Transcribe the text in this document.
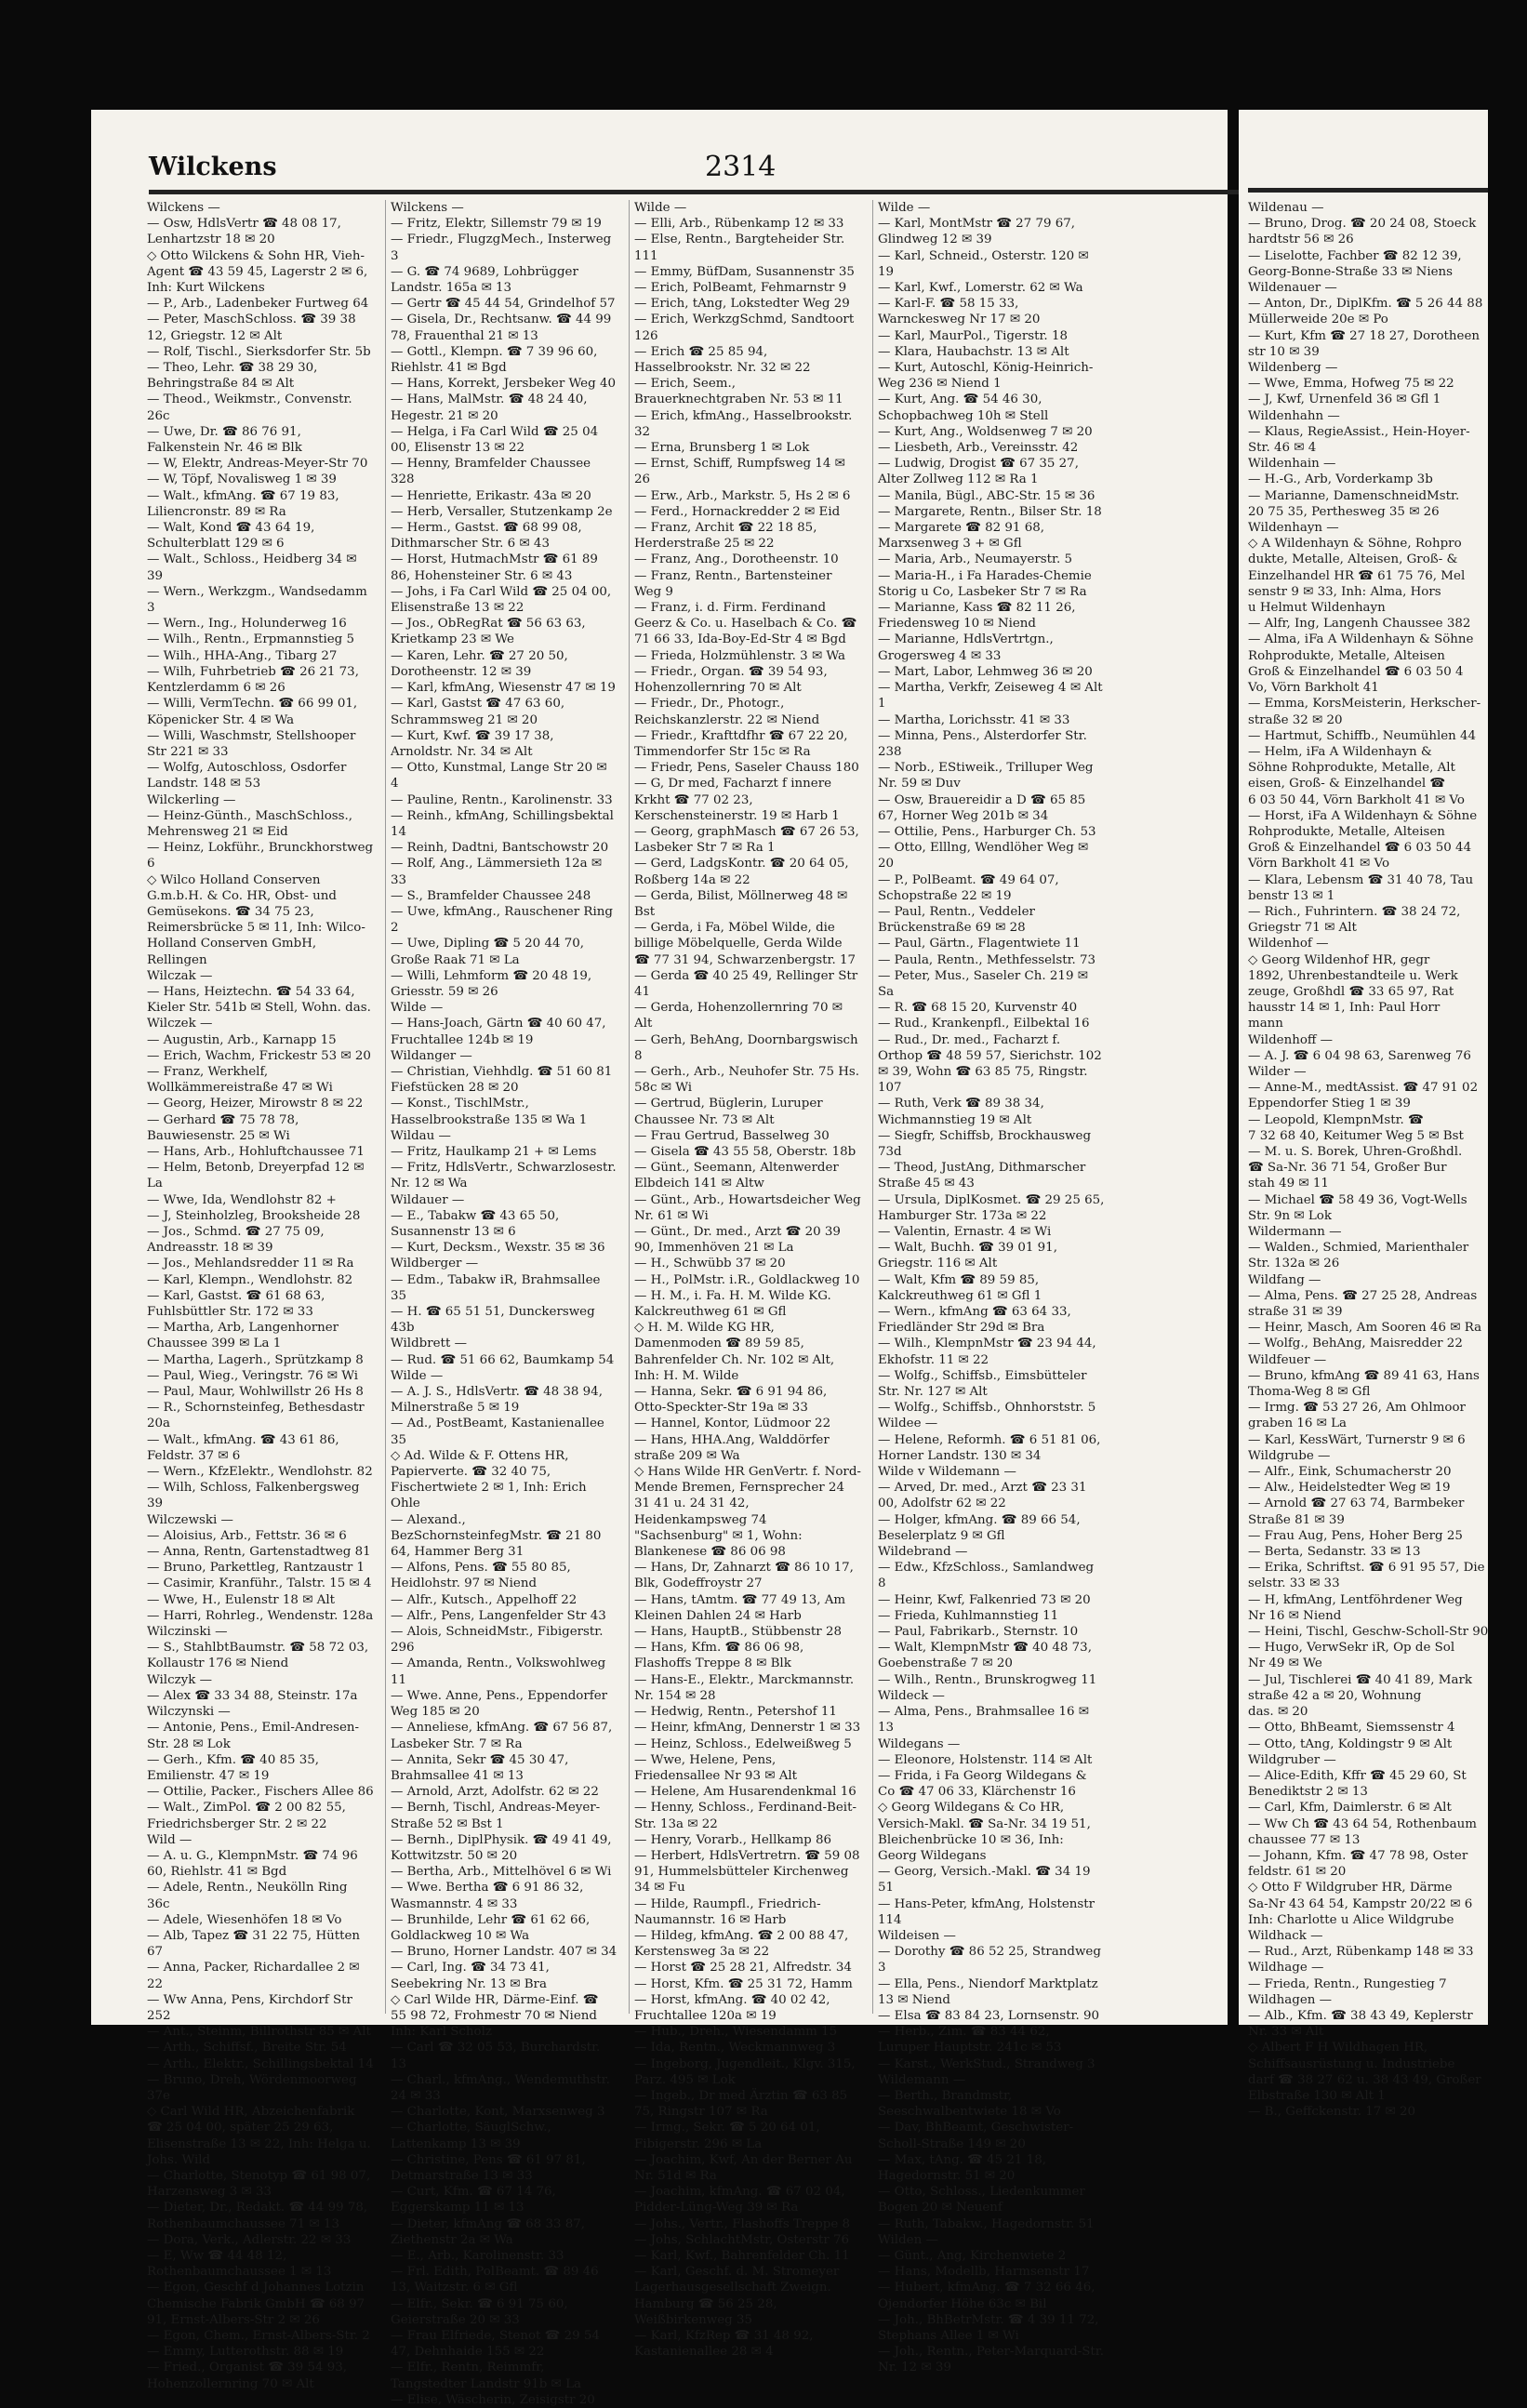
Wilckens	2314
Wilckens —
— Osw, HdlsVertr ☎ 48 08 17, Lenhartzstr 18 ✉ 20
◇ Otto Wilckens & Sohn HR, Vieh-Agent ☎ 43 59 45, Lagerstr 2 ✉ 6, Inh: Kurt Wilckens
— P., Arb., Ladenbeker Furtweg 64
— Peter, MaschSchloss. ☎ 39 38 12, Griegstr. 12 ✉ Alt
— Rolf, Tischl., Sierksdorfer Str. 5b
— Theo, Lehr. ☎ 38 29 30, Behringstraße 84 ✉ Alt
— Theod., Weikmstr., Convenstr. 26c
— Uwe, Dr. ☎ 86 76 91, Falkenstein Nr. 46 ✉ Blk
— W, Elektr, Andreas-Meyer-Str 70
— W, Töpf, Novalisweg 1 ✉ 39
— Walt., kfmAng. ☎ 67 19 83, Liliencronstr. 89 ✉ Ra
— Walt, Kond ☎ 43 64 19, Schulterblatt 129 ✉ 6
— Walt., Schloss., Heidberg 34 ✉ 39
— Wern., Werkzgm., Wandsedamm 3
— Wern., Ing., Holunderweg 16
— Wilh., Rentn., Erpmannstieg 5
— Wilh., HHA-Ang., Tibarg 27
— Wilh, Fuhrbetrieb ☎ 26 21 73, Kentzlerdamm 6 ✉ 26
— Willi, VermTechn. ☎ 66 99 01, Köpenicker Str. 4 ✉ Wa
— Willi, Waschmstr, Stellshooper Str 221 ✉ 33
— Wolfg, Autoschloss, Osdorfer Landstr. 148 ✉ 53
Wilckerling —
— Heinz-Günth., MaschSchloss., Mehrensweg 21 ✉ Eid
— Heinz, Lokführ., Brunckhorstweg 6
◇ Wilco Holland Conserven G.m.b.H. & Co. HR, Obst- und Gemüsekons. ☎ 34 75 23, Reimersbrücke 5 ✉ 11, Inh: Wilco-Holland Conserven GmbH, Rellingen
Wilczak —
— Hans, Heiztechn. ☎ 54 33 64, Kieler Str. 541b ✉ Stell, Wohn. das.
Wilczek —
— Augustin, Arb., Karnapp 15
— Erich, Wachm, Frickestr 53 ✉ 20
— Franz, Werkhelf, Wollkämmereistraße 47 ✉ Wi
— Georg, Heizer, Mirowstr 8 ✉ 22
— Gerhard ☎ 75 78 78, Bauwiesenstr. 25 ✉ Wi
— Hans, Arb., Hohluftchaussee 71
— Helm, Betonb, Dreyerpfad 12 ✉ La
— Wwe, Ida, Wendlohstr 82 +
— J, Steinholzleg, Brooksheide 28
— Jos., Schmd. ☎ 27 75 09, Andreasstr. 18 ✉ 39
— Jos., Mehlandsredder 11 ✉ Ra
— Karl, Klempn., Wendlohstr. 82
— Karl, Gastst. ☎ 61 68 63, Fuhlsbüttler Str. 172 ✉ 33
— Martha, Arb, Langenhorner Chaussee 399 ✉ La 1
— Martha, Lagerh., Sprützkamp 8
— Paul, Wieg., Veringstr. 76 ✉ Wi
— Paul, Maur, Wohlwillstr 26 Hs 8
— R., Schornsteinfeg, Bethesdastr 20a
— Walt., kfmAng. ☎ 43 61 86, Feldstr. 37 ✉ 6
— Wern., KfzElektr., Wendlohstr. 82
— Wilh, Schloss, Falkenbergsweg 39
Wilczewski —
— Aloisius, Arb., Fettstr. 36 ✉ 6
— Anna, Rentn, Gartenstadtweg 81
— Bruno, Parkettleg, Rantzaustr 1
— Casimir, Kranführ., Talstr. 15 ✉ 4
— Wwe, H., Eulenstr 18 ✉ Alt
— Harri, Rohrleg., Wendenstr. 128a
Wilczinski —
— S., StahlbtBaumstr. ☎ 58 72 03, Kollaustr 176 ✉ Niend
Wilczyk —
— Alex ☎ 33 34 88, Steinstr. 17a
Wilczynski —
— Antonie, Pens., Emil-Andresen-Str. 28 ✉ Lok
— Gerh., Kfm. ☎ 40 85 35, Emilienstr. 47 ✉ 19
— Ottilie, Packer., Fischers Allee 86
— Walt., ZimPol. ☎ 2 00 82 55, Friedrichsberger Str. 2 ✉ 22
Wild —
— A. u. G., KlempnMstr. ☎ 74 96 60, Riehlstr. 41 ✉ Bgd
— Adele, Rentn., Neukölln Ring 36c
— Adele, Wiesenhöfen 18 ✉ Vo
— Alb, Tapez ☎ 31 22 75, Hütten 67
— Anna, Packer, Richardallee 2 ✉ 22
— Ww Anna, Pens, Kirchdorf Str 252
— Ant., Steinm, Billrothstr 85 ✉ Alt
— Arth., Schiffsf., Breite Str. 54
— Arth., Elektr., Schillingsbektal 14
— Bruno, Dreh, Wördenmoorweg 37e
◇ Carl Wild HR, Abzeichenfabrik ☎ 25 04 00, später 25 29 63, Elisenstraße 13 ✉ 22, Inh: Helga u. Johs. Wild
— Charlotte, Stenotyp ☎ 61 98 07, Harzensweg 3 ✉ 33
— Dieter, Dr., Redakt. ☎ 44 99 78, Rothenbaumchaussee 71 ✉ 13
— Dora, Verk., Adlerstr. 22 ✉ 33
— E, Ww ☎ 44 48 12, Rothenbaumchaussee 1 ✉ 13
— Egon, Geschf d Johannes Lotzin Chemische Fabrik GmbH ☎ 68 97 91, Ernst-Albers-Str 2 ✉ 26
— Egon, Chem., Ernst-Albers-Str. 2
— Emmy, Lutterothstr. 88 ✉ 19
— Fried., Organist ☎ 39 54 93, Hohenzollernring 70 ✉ Alt
Wilckens —
— Fritz, Elektr, Sillemstr 79 ✉ 19
— Friedr., FlugzgMech., Insterweg 3
— G. ☎ 74 9689, Lohbrügger Landstr. 165a ✉ 13
— Gertr ☎ 45 44 54, Grindelhof 57
— Gisela, Dr., Rechtsanw. ☎ 44 99 78, Frauenthal 21 ✉ 13
— Gottl., Klempn. ☎ 7 39 96 60, Riehlstr. 41 ✉ Bgd
— Hans, Korrekt, Jersbeker Weg 40
— Hans, MalMstr. ☎ 48 24 40, Hegestr. 21 ✉ 20
— Helga, i Fa Carl Wild ☎ 25 04 00, Elisenstr 13 ✉ 22
— Henny, Bramfelder Chaussee 328
— Henriette, Erikastr. 43a ✉ 20
— Herb, Versaller, Stutzenkamp 2e
— Herm., Gastst. ☎ 68 99 08, Dithmarscher Str. 6 ✉ 43
— Horst, HutmachMstr ☎ 61 89 86, Hohensteiner Str. 6 ✉ 43
— Johs, i Fa Carl Wild ☎ 25 04 00, Elisenstraße 13 ✉ 22
— Jos., ObRegRat ☎ 56 63 63, Krietkamp 23 ✉ We
— Karen, Lehr. ☎ 27 20 50, Dorotheenstr. 12 ✉ 39
— Karl, kfmAng, Wiesenstr 47 ✉ 19
— Karl, Gastst ☎ 47 63 60, Schrammsweg 21 ✉ 20
— Kurt, Kwf. ☎ 39 17 38, Arnoldstr. Nr. 34 ✉ Alt
— Otto, Kunstmal, Lange Str 20 ✉ 4
— Pauline, Rentn., Karolinenstr. 33
— Reinh., kfmAng, Schillingsbektal 14
— Reinh, Dadtni, Bantschowstr 20
— Rolf, Ang., Lämmersieth 12a ✉ 33
— S., Bramfelder Chaussee 248
— Uwe, kfmAng., Rauschener Ring 2
— Uwe, Dipling ☎ 5 20 44 70, Große Raak 71 ✉ La
— Willi, Lehmform ☎ 20 48 19, Griesstr. 59 ✉ 26
Wilde —
— Hans-Joach, Gärtn ☎ 40 60 47, Fruchtallee 124b ✉ 19
Wildanger —
— Christian, Viehhdlg. ☎ 51 60 81 Fiefstücken 28 ✉ 20
— Konst., TischlMstr., Hasselbrookstraße 135 ✉ Wa 1
Wildau —
— Fritz, Haulkamp 21 + ✉ Lems
— Fritz, HdlsVertr., Schwarzlosestr. Nr. 12 ✉ Wa
Wildauer —
— E., Tabakw ☎ 43 65 50, Susannenstr 13 ✉ 6
— Kurt, Decksm., Wexstr. 35 ✉ 36
Wildberger —
— Edm., Tabakw iR, Brahmsallee 35
— H. ☎ 65 51 51, Dunckersweg 43b
Wildbrett —
— Rud. ☎ 51 66 62, Baumkamp 54
Wilde —
— A. J. S., HdlsVertr. ☎ 48 38 94, Milnerstraße 5 ✉ 19
— Ad., PostBeamt, Kastanienallee 35
◇ Ad. Wilde & F. Ottens HR, Papierverte. ☎ 32 40 75, Fischertwiete 2 ✉ 1, Inh: Erich Ohle
— Alexand., BezSchornsteinfegMstr. ☎ 21 80 64, Hammer Berg 31
— Alfons, Pens. ☎ 55 80 85, Heidlohstr. 97 ✉ Niend
— Alfr., Kutsch., Appelhoff 22
— Alfr., Pens, Langenfelder Str 43
— Alois, SchneidMstr., Fibigerstr. 296
— Amanda, Rentn., Volkswohlweg 11
— Wwe. Anne, Pens., Eppendorfer Weg 185 ✉ 20
— Anneliese, kfmAng. ☎ 67 56 87, Lasbeker Str. 7 ✉ Ra
— Annita, Sekr ☎ 45 30 47, Brahmsallee 41 ✉ 13
— Arnold, Arzt, Adolfstr. 62 ✉ 22
— Bernh, Tischl, Andreas-Meyer-Straße 52 ✉ Bst 1
— Bernh., DiplPhysik. ☎ 49 41 49, Kottwitzstr. 50 ✉ 20
— Bertha, Arb., Mittelhövel 6 ✉ Wi
— Wwe. Bertha ☎ 6 91 86 32, Wasmannstr. 4 ✉ 33
— Brunhilde, Lehr ☎ 61 62 66, Goldlackweg 10 ✉ Wa
— Bruno, Horner Landstr. 407 ✉ 34
— Carl, Ing. ☎ 34 73 41, Seebekring Nr. 13 ✉ Bra
◇ Carl Wilde HR, Därme-Einf. ☎ 55 98 72, Frohmestr 70 ✉ Niend Inh: Karl Scholz
— Carl ☎ 32 05 53, Burchardstr. 13
— Charl., kfmAng., Wendemuthstr. 24 ✉ 33
— Charlotte, Kont, Marxsenweg 3
— Charlotte, SäuglSchw., Lattenkamp 13 ✉ 39
— Christine, Pens ☎ 61 97 81, Detmarstraße 13 ✉ 33
— Curt, Kfm. ☎ 67 14 76, Eggerskamp 11 ✉ 13
— Dieter, kfmAng ☎ 68 33 87, Ziethenstr 2a ✉ Wa
— E., Arb., Karolinenstr. 33
— Frl. Edith, PolBeamt. ☎ 89 46 13, Waitzstr. 6 ✉ Gfl
— Elfr., Sekr. ☎ 6 91 75 60, Geierstraße 20 ✉ 33
— Frau Elfriede, Stenot ☎ 29 54 47, Dehnhaide 155 ✉ 22
— Elfr., Rentn, Reimmfr, Tangstedter Landstr 91b ✉ La
— Elise, Wäscherin, Zeisigstr 20
Wilde —
— Elli, Arb., Rübenkamp 12 ✉ 33
— Else, Rentn., Bargteheider Str. 111
— Emmy, BüfDam, Susannenstr 35
— Erich, PolBeamt, Fehmarnstr 9
— Erich, tAng, Lokstedter Weg 29
— Erich, WerkzgSchmd, Sandtoort 126
— Erich ☎ 25 85 94, Hasselbrookstr. Nr. 32 ✉ 22
— Erich, Seem., Brauerknechtgraben Nr. 53 ✉ 11
— Erich, kfmAng., Hasselbrookstr. 32
— Erna, Brunsberg 1 ✉ Lok
— Ernst, Schiff, Rumpfsweg 14 ✉ 26
— Erw., Arb., Markstr. 5, Hs 2 ✉ 6
— Ferd., Hornackredder 2 ✉ Eid
— Franz, Archit ☎ 22 18 85, Herderstraße 25 ✉ 22
— Franz, Ang., Dorotheenstr. 10
— Franz, Rentn., Bartensteiner Weg 9
— Franz, i. d. Firm. Ferdinand Geerz & Co. u. Haselbach & Co. ☎ 71 66 33, Ida-Boy-Ed-Str 4 ✉ Bgd
— Frieda, Holzmühlenstr. 3 ✉ Wa
— Friedr., Organ. ☎ 39 54 93, Hohenzollernring 70 ✉ Alt
— Friedr., Dr., Photogr., Reichskanzlerstr. 22 ✉ Niend
— Friedr., Krafttdfhr ☎ 67 22 20, Timmendorfer Str 15c ✉ Ra
— Friedr, Pens, Saseler Chauss 180
— G, Dr med, Facharzt f innere Krkht ☎ 77 02 23, Kerschensteinerstr. 19 ✉ Harb 1
— Georg, graphMasch ☎ 67 26 53, Lasbeker Str 7 ✉ Ra 1
— Gerd, LadgsKontr. ☎ 20 64 05, Roßberg 14a ✉ 22
— Gerda, Bilist, Möllnerweg 48 ✉ Bst
— Gerda, i Fa, Möbel Wilde, die billige Möbelquelle, Gerda Wilde ☎ 77 31 94, Schwarzenbergstr. 17
— Gerda ☎ 40 25 49, Rellinger Str 41
— Gerda, Hohenzollernring 70 ✉ Alt
— Gerh, BehAng, Doornbargswisch 8
— Gerh., Arb., Neuhofer Str. 75 Hs. 58c ✉ Wi
— Gertrud, Büglerin, Luruper Chaussee Nr. 73 ✉ Alt
— Frau Gertrud, Basselweg 30
— Gisela ☎ 43 55 58, Oberstr. 18b
— Günt., Seemann, Altenwerder Elbdeich 141 ✉ Altw
— Günt., Arb., Howartsdeicher Weg Nr. 61 ✉ Wi
— Günt., Dr. med., Arzt ☎ 20 39 90, Immenhöven 21 ✉ La
— H., Schwübb 37 ✉ 20
— H., PolMstr. i.R., Goldlackweg 10
— H. M., i. Fa. H. M. Wilde KG. Kalckreuthweg 61 ✉ Gfl
◇ H. M. Wilde KG HR, Damenmoden ☎ 89 59 85, Bahrenfelder Ch. Nr. 102 ✉ Alt, Inh: H. M. Wilde
— Hanna, Sekr. ☎ 6 91 94 86, Otto-Speckter-Str 19a ✉ 33
— Hannel, Kontor, Lüdmoor 22
— Hans, HHA.Ang, Walddörfer straße 209 ✉ Wa
◇ Hans Wilde HR GenVertr. f. Nord-Mende Bremen, Fernsprecher 24 31 41 u. 24 31 42, Heidenkampsweg 74 "Sachsenburg" ✉ 1, Wohn: Blankenese ☎ 86 06 98
— Hans, Dr, Zahnarzt ☎ 86 10 17, Blk, Godeffroystr 27
— Hans, tAmtm. ☎ 77 49 13, Am Kleinen Dahlen 24 ✉ Harb
— Hans, HauptB., Stübbenstr 28
— Hans, Kfm. ☎ 86 06 98, Flashoffs Treppe 8 ✉ Blk
— Hans-E., Elektr., Marckmannstr. Nr. 154 ✉ 28
— Hedwig, Rentn., Petershof 11
— Heinr, kfmAng, Dennerstr 1 ✉ 33
— Heinz, Schloss., Edelweißweg 5
— Wwe, Helene, Pens, Friedensallee Nr 93 ✉ Alt
— Helene, Am Husarendenkmal 16
— Henny, Schloss., Ferdinand-Beit-Str. 13a ✉ 22
— Henry, Vorarb., Hellkamp 86
— Herbert, HdlsVertretrn. ☎ 59 08 91, Hummelsbütteler Kirchenweg 34 ✉ Fu
— Hilde, Raumpfl., Friedrich-Naumannstr. 16 ✉ Harb
— Hildeg, kfmAng. ☎ 2 00 88 47, Kerstensweg 3a ✉ 22
— Horst ☎ 25 28 21, Alfredstr. 34
— Horst, Kfm. ☎ 25 31 72, Hamm
— Horst, kfmAng. ☎ 40 02 42, Fruchtallee 120a ✉ 19
— Hub., Dreh., Wiesendamm 15
— Ida, Rentn., Weckmannweg 3
— Ingeborg, Jugendleit., Klgv. 315, Parz. 495 ✉ Lok
— Ingeb., Dr med Ärztin ☎ 63 85 75, Ringstr 107 ✉ Ra
— Irmg., Sekr. ☎ 5 20 64 01, Fibigerstr. 296 ✉ La
— Joachim, Kwf, An der Berner Au Nr. 51d ✉ Ra
— Joachim, kfmAng. ☎ 67 02 04, Pidder-Lüng-Weg 39 ✉ Ra
— Johs., Vertr., Flashoffs Treppe 8
— Johs, SchlachtMstr, Osterstr 76
— Karl, Kwf., Bahrenfelder Ch. 11
— Karl, Geschf. d. M. Stromeyer Lagerhausgesellschaft Zweign. Hamburg ☎ 56 25 28, Weißbirkenweg 35
— Karl, KfzRep ☎ 31 48 92, Kastanienallee 28 ✉ 4
Wilde —
— Karl, MontMstr ☎ 27 79 67, Glindweg 12 ✉ 39
— Karl, Schneid., Osterstr. 120 ✉ 19
— Karl, Kwf., Lomerstr. 62 ✉ Wa
— Karl-F. ☎ 58 15 33, Warnckesweg Nr 17 ✉ 20
— Karl, MaurPol., Tigerstr. 18
— Klara, Haubachstr. 13 ✉ Alt
— Kurt, Autoschl, König-Heinrich-Weg 236 ✉ Niend 1
— Kurt, Ang. ☎ 54 46 30, Schopbachweg 10h ✉ Stell
— Kurt, Ang., Woldsenweg 7 ✉ 20
— Liesbeth, Arb., Vereinsstr. 42
— Ludwig, Drogist ☎ 67 35 27, Alter Zollweg 112 ✉ Ra 1
— Manila, Bügl., ABC-Str. 15 ✉ 36
— Margarete, Rentn., Bilser Str. 18
— Margarete ☎ 82 91 68, Marxsenweg 3 + ✉ Gfl
— Maria, Arb., Neumayerstr. 5
— Maria-H., i Fa Harades-Chemie Storig u Co, Lasbeker Str 7 ✉ Ra
— Marianne, Kass ☎ 82 11 26, Friedensweg 10 ✉ Niend
— Marianne, HdlsVertrtgn., Grogersweg 4 ✉ 33
— Mart, Labor, Lehmweg 36 ✉ 20
— Martha, Verkfr, Zeiseweg 4 ✉ Alt 1
— Martha, Lorichsstr. 41 ✉ 33
— Minna, Pens., Alsterdorfer Str. 238
— Norb., EStiweik., Trilluper Weg Nr. 59 ✉ Duv
— Osw, Brauereidir a D ☎ 65 85 67, Horner Weg 201b ✉ 34
— Ottilie, Pens., Harburger Ch. 53
— Otto, Elllng, Wendlöher Weg ✉ 20
— P., PolBeamt. ☎ 49 64 07, Schopstraße 22 ✉ 19
— Paul, Rentn., Veddeler Brückenstraße 69 ✉ 28
— Paul, Gärtn., Flagentwiete 11
— Paula, Rentn., Methfesselstr. 73
— Peter, Mus., Saseler Ch. 219 ✉ Sa
— R. ☎ 68 15 20, Kurvenstr 40
— Rud., Krankenpfl., Eilbektal 16
— Rud., Dr. med., Facharzt f. Orthop ☎ 48 59 57, Sierichstr. 102 ✉ 39, Wohn ☎ 63 85 75, Ringstr. 107
— Ruth, Verk ☎ 89 38 34, Wichmannstieg 19 ✉ Alt
— Siegfr, Schiffsb, Brockhausweg 73d
— Theod, JustAng, Dithmarscher Straße 45 ✉ 43
— Ursula, DiplKosmet. ☎ 29 25 65, Hamburger Str. 173a ✉ 22
— Valentin, Ernastr. 4 ✉ Wi
— Walt, Buchh. ☎ 39 01 91, Griegstr. 116 ✉ Alt
— Walt, Kfm ☎ 89 59 85, Kalckreuthweg 61 ✉ Gfl 1
— Wern., kfmAng ☎ 63 64 33, Friedländer Str 29d ✉ Bra
— Wilh., KlempnMstr ☎ 23 94 44, Ekhofstr. 11 ✉ 22
— Wolfg., Schiffsb., Eimsbütteler Str. Nr. 127 ✉ Alt
— Wolfg., Schiffsb., Ohnhorststr. 5
Wildee —
— Helene, Reformh. ☎ 6 51 81 06, Horner Landstr. 130 ✉ 34
Wilde v Wildemann —
— Arved, Dr. med., Arzt ☎ 23 31 00, Adolfstr 62 ✉ 22
— Holger, kfmAng. ☎ 89 66 54, Beselerplatz 9 ✉ Gfl
Wildebrand —
— Edw., KfzSchloss., Samlandweg 8
— Heinr, Kwf, Falkenried 73 ✉ 20
— Frieda, Kuhlmannstieg 11
— Paul, Fabrikarb., Sternstr. 10
— Walt, KlempnMstr ☎ 40 48 73, Goebenstraße 7 ✉ 20
— Wilh., Rentn., Brunskrogweg 11
Wildeck —
— Alma, Pens., Brahmsallee 16 ✉ 13
Wildegans —
— Eleonore, Holstenstr. 114 ✉ Alt
— Frida, i Fa Georg Wildegans & Co ☎ 47 06 33, Klärchenstr 16
◇ Georg Wildegans & Co HR, Versich-Makl. ☎ Sa-Nr. 34 19 51, Bleichenbrücke 10 ✉ 36, Inh: Georg Wildegans
— Georg, Versich.-Makl. ☎ 34 19 51
— Hans-Peter, kfmAng, Holstenstr 114
Wildeisen —
— Dorothy ☎ 86 52 25, Strandweg 3
— Ella, Pens., Niendorf Marktplatz 13 ✉ Niend
— Elsa ☎ 83 84 23, Lornsenstr. 90
— Herb., Zim. ☎ 83 44 62, Luruper Hauptstr. 241c ✉ 53
— Karst., WerkStud., Strandweg 3
Wildemann —
— Berth., Brandmstr, Seeschwalbentwiete 18 ✉ Vo
— Dav, BhBeamt, Geschwister-Scholl-Straße 149 ✉ 20
— Max, tAng. ☎ 45 21 18, Hagedornstr. 51 ✉ 20
— Otto, Schloss., Liedenkummer Bogen 20 ✉ Neuenf
— Ruth, Tabakw., Hagedornstr. 51
Wilden —
— Günt., Ang, Kirchenwiete 2
— Hans, Modellb, Harmsenstr 17
— Hubert, kfmAng. ☎ 7 32 66 46, Ojendorfer Höhe 63c ✉ Bil
— Joh., BhBetrMstr. ☎ 4 39 11 72, Stephans Allee 1 ✉ Wi
— Joh., Rentn., Peter-Marquard-Str. Nr. 12 ✉ 39
Wildenau —
— Bruno, Drog. ☎ 20 24 08, Stoeck
hardtstr 56 ✉ 26
— Liselotte, Fachber ☎ 82 12 39,
Georg-Bonne-Straße 33 ✉ Niens
Wildenauer —
— Anton, Dr., DiplKfm. ☎ 5 26 44 88
Müllerweide 20e ✉ Po
— Kurt, Kfm ☎ 27 18 27, Dorotheen
str 10 ✉ 39
Wildenberg —
— Wwe, Emma, Hofweg 75 ✉ 22
— J, Kwf, Urnenfeld 36 ✉ Gfl 1
Wildenhahn —
— Klaus, RegieAssist., Hein-Hoyer-
Str. 46 ✉ 4
Wildenhain —
— H.-G., Arb, Vorderkamp 3b
— Marianne, DamenschneidMstr.
20 75 35, Perthesweg 35 ✉ 26
Wildenhayn —
◇ A Wildenhayn & Söhne, Rohpro
dukte, Metalle, Alteisen, Groß- &
Einzelhandel HR ☎ 61 75 76, Mel
senstr 9 ✉ 33, Inh: Alma, Hors
u Helmut Wildenhayn
— Alfr, Ing, Langenh Chaussee 382
— Alma, iFa A Wildenhayn & Söhne
Rohprodukte, Metalle, Alteisen
Groß & Einzelhandel ☎ 6 03 50 4
Vo, Vörn Barkholt 41
— Emma, KorsMeisterin, Herkscher-
straße 32 ✉ 20
— Hartmut, Schiffb., Neumühlen 44
— Helm, iFa A Wildenhayn &
Söhne Rohprodukte, Metalle, Alt
eisen, Groß- & Einzelhandel ☎
6 03 50 44, Vörn Barkholt 41 ✉ Vo
— Horst, iFa A Wildenhayn & Söhne
Rohprodukte, Metalle, Alteisen
Groß & Einzelhandel ☎ 6 03 50 44
Vörn Barkholt 41 ✉ Vo
— Klara, Lebensm ☎ 31 40 78, Tau
benstr 13 ✉ 1
— Rich., Fuhrintern. ☎ 38 24 72,
Griegstr 71 ✉ Alt
Wildenhof —
◇ Georg Wildenhof HR, gegr
1892, Uhrenbestandteile u. Werk
zeuge, Großhdl ☎ 33 65 97, Rat
hausstr 14 ✉ 1, Inh: Paul Horr
mann
Wildenhoff —
— A. J. ☎ 6 04 98 63, Sarenweg 76
Wilder —
— Anne-M., medtAssist. ☎ 47 91 02
Eppendorfer Stieg 1 ✉ 39
— Leopold, KlempnMstr. ☎
7 32 68 40, Keitumer Weg 5 ✉ Bst
— M. u. S. Borek, Uhren-Großhdl.
☎ Sa-Nr. 36 71 54, Großer Bur
stah 49 ✉ 11
— Michael ☎ 58 49 36, Vogt-Wells
Str. 9n ✉ Lok
Wildermann —
— Walden., Schmied, Marienthaler
Str. 132a ✉ 26
Wildfang —
— Alma, Pens. ☎ 27 25 28, Andreas
straße 31 ✉ 39
— Heinr, Masch, Am Sooren 46 ✉ Ra
— Wolfg., BehAng, Maisredder 22
Wildfeuer —
— Bruno, kfmAng ☎ 89 41 63, Hans
Thoma-Weg 8 ✉ Gfl
— Irmg. ☎ 53 27 26, Am Ohlmoor
graben 16 ✉ La
— Karl, KessWärt, Turnerstr 9 ✉ 6
Wildgrube —
— Alfr., Eink, Schumacherstr 20
— Alw., Heidelstedter Weg ✉ 19
— Arnold ☎ 27 63 74, Barmbeker
Straße 81 ✉ 39
— Frau Aug, Pens, Hoher Berg 25
— Berta, Sedanstr. 33 ✉ 13
— Erika, Schriftst. ☎ 6 91 95 57, Die
selstr. 33 ✉ 33
— H, kfmAng, Lentföhrdener Weg
Nr 16 ✉ Niend
— Heini, Tischl, Geschw-Scholl-Str 90
— Hugo, VerwSekr iR, Op de Sol
Nr 49 ✉ We
— Jul, Tischlerei ☎ 40 41 89, Mark
straße 42 a ✉ 20, Wohnung
das. ✉ 20
— Otto, BhBeamt, Siemssenstr 4
— Otto, tAng, Koldingstr 9 ✉ Alt
Wildgruber —
— Alice-Edith, Kffr ☎ 45 29 60, St
Benediktstr 2 ✉ 13
— Carl, Kfm, Daimlerstr. 6 ✉ Alt
— Ww Ch ☎ 43 64 54, Rothenbaum
chaussee 77 ✉ 13
— Johann, Kfm. ☎ 47 78 98, Oster
feldstr. 61 ✉ 20
◇ Otto F Wildgruber HR, Därme
Sa-Nr 43 64 54, Kampstr 20/22 ✉ 6
Inh: Charlotte u Alice Wildgrube
Wildhack —
— Rud., Arzt, Rübenkamp 148 ✉ 33
Wildhage —
— Frieda, Rentn., Rungestieg 7
Wildhagen —
— Alb., Kfm. ☎ 38 43 49, Keplerstr
Nr. 33 ✉ Alt
◇ Albert F H Wildhagen HR,
Schiffsausrüstung u. Industriebe
darf ☎ 38 27 62 u. 38 43 49, Großer
Elbstraße 130 ✉ Alt 1
— B., Geffckenstr. 17 ✉ 20
